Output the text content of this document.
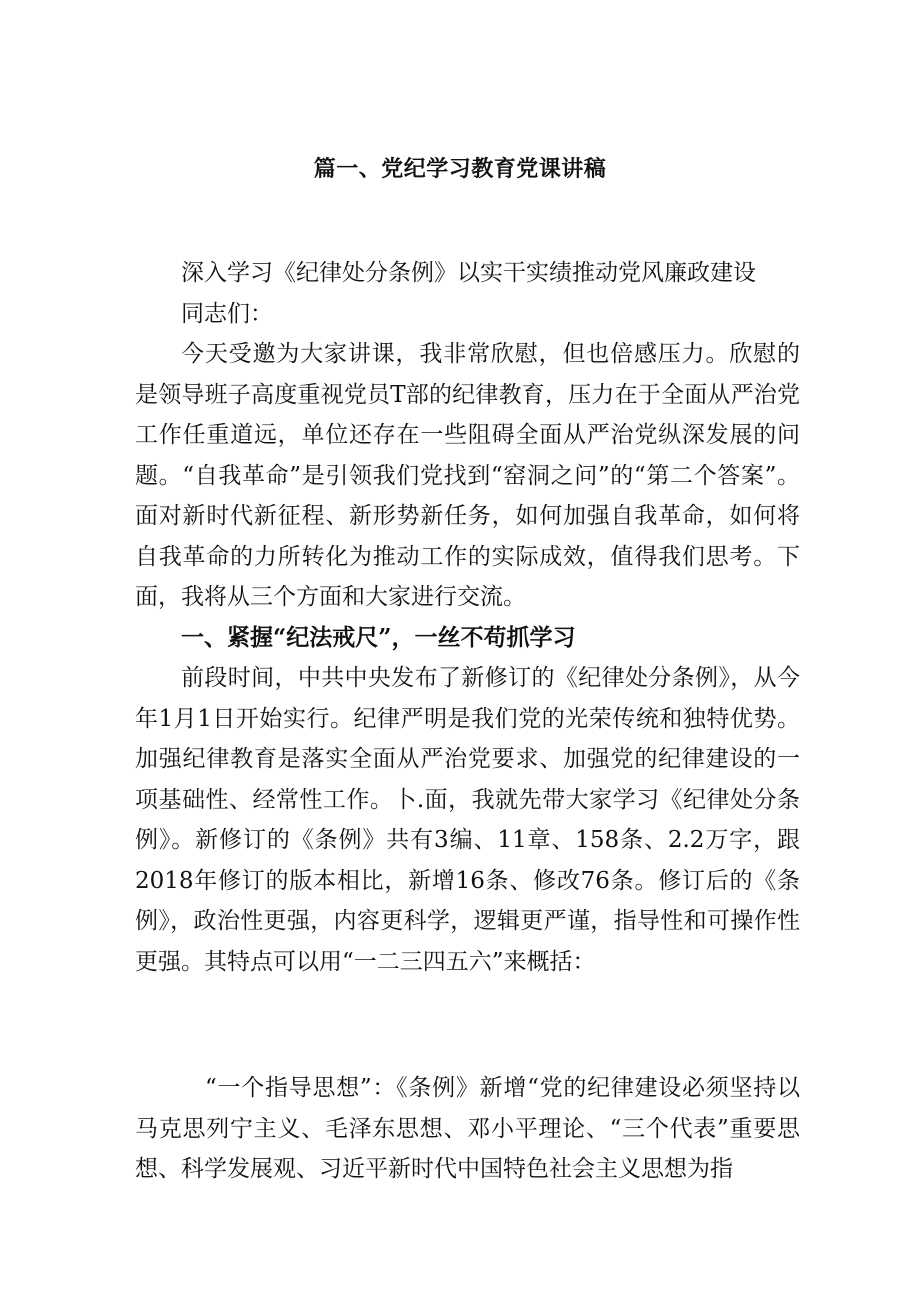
篇一、党纪学习教育党课讲稿

深入学习《纪律处分条例》以实干实绩推动党风廉政建设

同志们：

今天受邀为大家讲课，我非常欣慰，但也倍感压力。欣慰的是领导班子高度重视党员T部的纪律教育，压力在于全面从严治党工作任重道远，单位还存在一些阻碍全面从严治党纵深发展的问题。“自我革命”是引领我们党找到“窑洞之问”的“第二个答案”。面对新时代新征程、新形势新任务，如何加强自我革命，如何将自我革命的力所转化为推动工作的实际成效，值得我们思考。下面，我将从三个方面和大家进行交流。

一、紧握“纪法戒尺”，一丝不苟抓学习

前段时间，中共中央发布了新修订的《纪律处分条例》，从今年1月1日开始实行。纪律严明是我们党的光荣传统和独特优势。加强纪律教育是落实全面从严治党要求、加强党的纪律建设的一项基础性、经常性工作。卜.面，我就先带大家学习《纪律处分条例》。新修订的《条例》共有3编、11章、158条、2.2万字，跟2018年修订的版本相比，新增16条、修改76条。修订后的《条例》，政治性更强，内容更科学，逻辑更严谨，指导性和可操作性更强。其特点可以用“一二三四五六”来概括：

“一个指导思想”：《条例》新增“党的纪律建设必须坚持以马克思列宁主义、毛泽东思想、邓小平理论、“三个代表”重要思想、科学发展观、习近平新时代中国特色社会主义思想为指
